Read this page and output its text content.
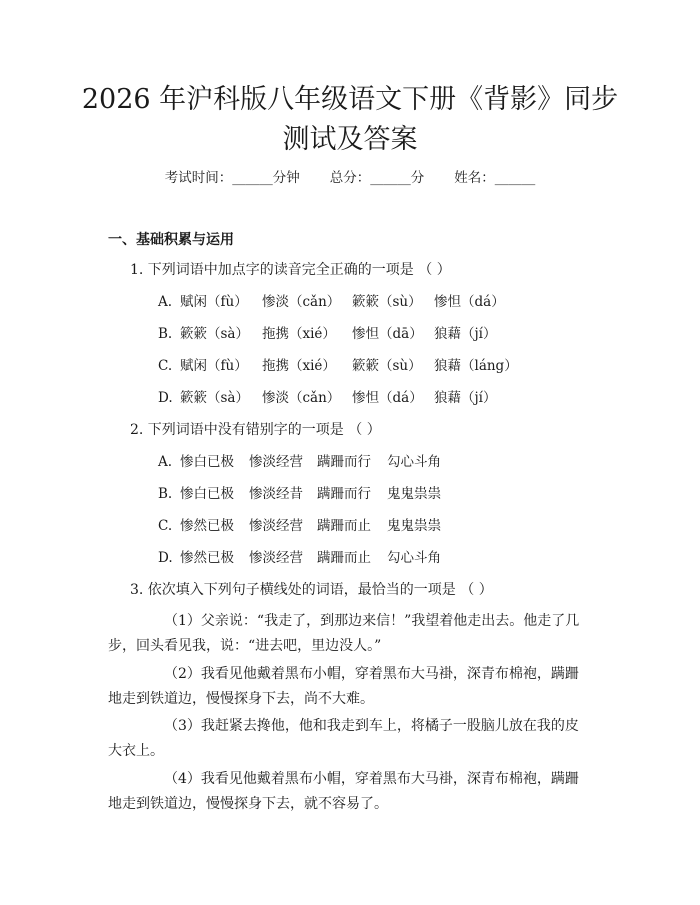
2026 年沪科版八年级语文下册《背影》同步
测试及答案
考试时间：______分钟 总分：______分 姓名：______
一、基础积累与运用
1. 下列词语中加点字的读音完全正确的一项是 （ ）
A. 赋闲（fù） 惨淡（cǎn） 簌簌（sù） 惨怛（dá）
B. 簌簌（sà） 拖携（xié） 惨怛（dā） 狼藉（jí）
C. 赋闲（fù） 拖携（xié） 簌簌（sù） 狼藉（láng）
D. 簌簌（sà） 惨淡（cǎn） 惨怛（dá） 狼藉（jí）
2. 下列词语中没有错别字的一项是 （ ）
A. 惨白已极 惨淡经营 蹒跚而行 勾心斗角
B. 惨白已极 惨淡经昔 蹒跚而行 鬼鬼祟祟
C. 惨然已极 惨淡经营 蹒跚而止 鬼鬼祟祟
D. 惨然已极 惨淡经营 蹒跚而止 勾心斗角
3. 依次填入下列句子横线处的词语，最恰当的一项是 （ ）

（1）父亲说：“我走了，到那边来信！”我望着他走出去。他走了几步，回头看见我，说：“进去吧，里边没人。”

（2）我看见他戴着黑布小帽，穿着黑布大马褂，深青布棉袍，蹒跚地走到铁道边，慢慢探身下去，尚不大难。

（3）我赶紧去搀他，他和我走到车上，将橘子一股脑儿放在我的皮大衣上。

（4）我看见他戴着黑布小帽，穿着黑布大马褂，深青布棉袍，蹒跚地走到铁道边，慢慢探身下去，就不容易了。
